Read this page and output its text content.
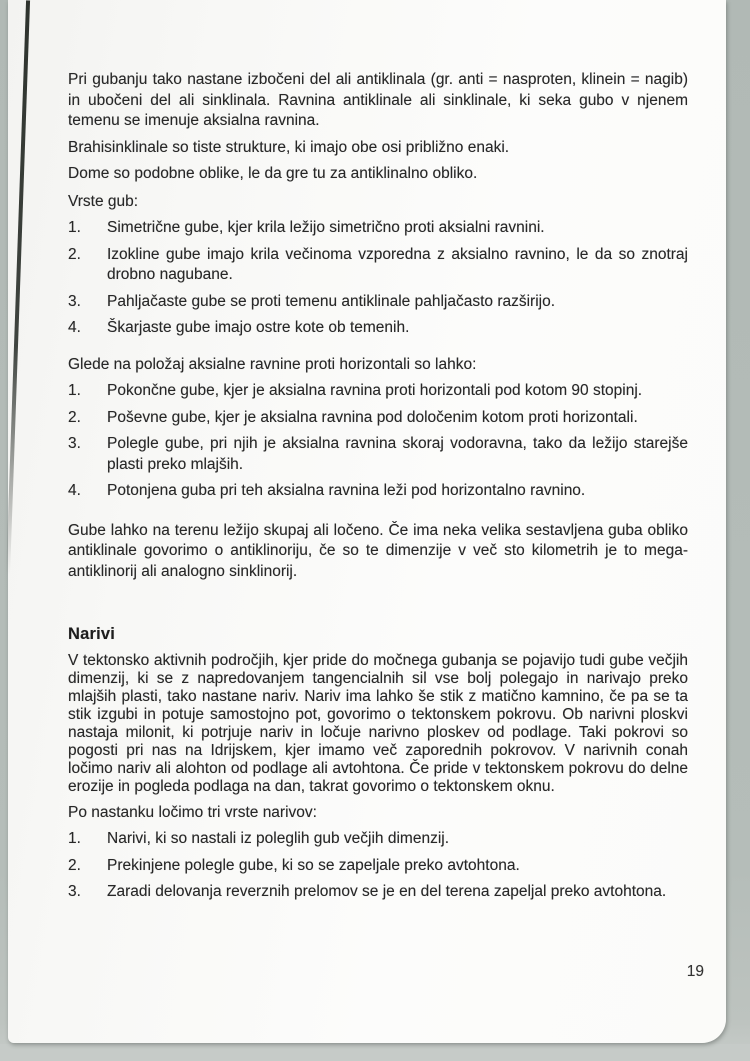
Pri gubanju tako nastane izbočeni del ali antiklinala (gr. anti = nasproten, klinein = nagib) in ubočeni del ali sinklinala. Ravnina antiklinale ali sinklinale, ki seka gubo v njenem temenu se imenuje aksialna ravnina.

Brahisinklinale so tiste strukture, ki imajo obe osi približno enaki.

Dome so podobne oblike, le da gre tu za antiklinalno obliko.

Vrste gub:

1.	Simetrične gube, kjer krila ležijo simetrično proti aksialni ravnini.
2.	Izokline gube imajo krila večinoma vzporedna z aksialno ravnino, le da so znotraj drobno nagubane.
3.	Pahljačaste gube se proti temenu antiklinale pahljačasto razširijo.
4.	Škarjaste gube imajo ostre kote ob temenih.

Glede na položaj aksialne ravnine proti horizontali so lahko:

1.	Pokončne gube, kjer je aksialna ravnina proti horizontali pod kotom 90 stopinj.
2.	Poševne gube, kjer je aksialna ravnina pod določenim kotom proti horizontali.
3.	Polegle gube, pri njih je aksialna ravnina skoraj vodoravna, tako da ležijo starejše plasti preko mlajših.
4.	Potonjena guba pri teh aksialna ravnina leži pod horizontalno ravnino.

Gube lahko na terenu ležijo skupaj ali ločeno. Če ima neka velika sestavljena guba obliko antiklinale govorimo o antiklinoriju, če so te dimenzije v več sto kilometrih je to mega-antiklinorij ali analogno sinklinorij.

Narivi

V tektonsko aktivnih področjih, kjer pride do močnega gubanja se pojavijo tudi gube večjih dimenzij, ki se z napredovanjem tangencialnih sil vse bolj polegajo in narivajo preko mlajših plasti, tako nastane nariv. Nariv ima lahko še stik z matično kamnino, če pa se ta stik izgubi in potuje samostojno pot, govorimo o tektonskem pokrovu. Ob narivni ploskvi nastaja milonit, ki potrjuje nariv in ločuje narivno ploskev od podlage. Taki pokrovi so pogosti pri nas na Idrijskem, kjer imamo več zaporednih pokrovov. V narivnih conah ločimo nariv ali alohton od podlage ali avtohtona. Če pride v tektonskem pokrovu do delne erozije in pogleda podlaga na dan, takrat govorimo o tektonskem oknu.

Po nastanku ločimo tri vrste narivov:

1.	Narivi, ki so nastali iz poleglih gub večjih dimenzij.
2.	Prekinjene polegle gube, ki so se zapeljale preko avtohtona.
3.	Zaradi delovanja reverznih prelomov se je en del terena zapeljal preko avtohtona.
19
